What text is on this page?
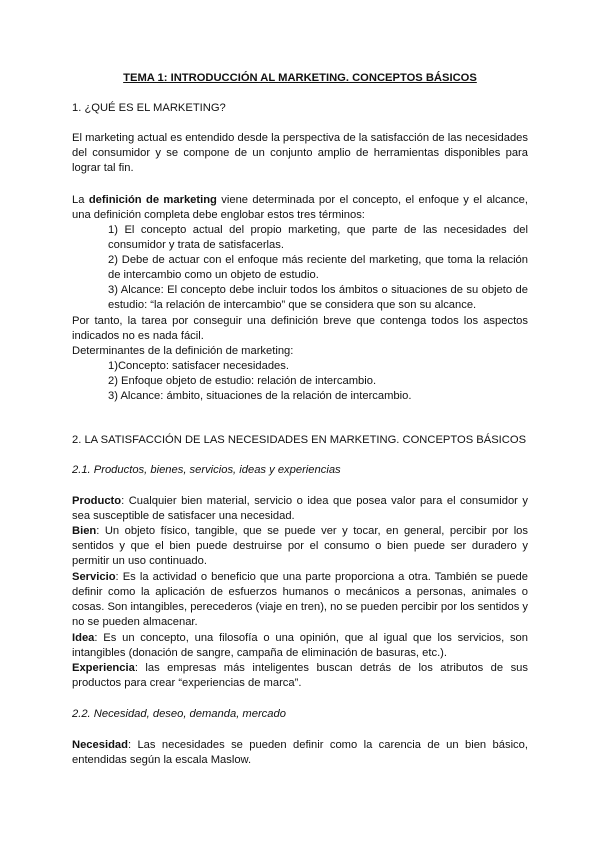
TEMA 1: INTRODUCCIÓN AL MARKETING. CONCEPTOS BÁSICOS

1. ¿QUÉ ES EL MARKETING?

El marketing actual es entendido desde la perspectiva de la satisfacción de las necesidades del consumidor y se compone de un conjunto amplio de herramientas disponibles para lograr tal fin.

La definición de marketing viene determinada por el concepto, el enfoque y el alcance, una definición completa debe englobar estos tres términos:

1) El concepto actual del propio marketing, que parte de las necesidades del consumidor y trata de satisfacerlas.

2) Debe de actuar con el enfoque más reciente del marketing, que toma la relación de intercambio como un objeto de estudio.

3) Alcance: El concepto debe incluir todos los ámbitos o situaciones de su objeto de estudio: “la relación de intercambio” que se considera que son su alcance.

Por tanto, la tarea por conseguir una definición breve que contenga todos los aspectos indicados no es nada fácil.

Determinantes de la definición de marketing:

1)Concepto: satisfacer necesidades.

2) Enfoque objeto de estudio: relación de intercambio.

3) Alcance: ámbito, situaciones de la relación de intercambio.

2. LA SATISFACCIÓN DE LAS NECESIDADES EN MARKETING. CONCEPTOS BÁSICOS

2.1. Productos, bienes, servicios, ideas y experiencias

Producto: Cualquier bien material, servicio o idea que posea valor para el consumidor y sea susceptible de satisfacer una necesidad.

Bien: Un objeto físico, tangible, que se puede ver y tocar, en general, percibir por los sentidos y que el bien puede destruirse por el consumo o bien puede ser duradero y permitir un uso continuado.

Servicio: Es la actividad o beneficio que una parte proporciona a otra. También se puede definir como la aplicación de esfuerzos humanos o mecánicos a personas, animales o cosas. Son intangibles, perecederos (viaje en tren), no se pueden percibir por los sentidos y no se pueden almacenar.

Idea: Es un concepto, una filosofía o una opinión, que al igual que los servicios, son intangibles (donación de sangre, campaña de eliminación de basuras, etc.).

Experiencia: las empresas más inteligentes buscan detrás de los atributos de sus productos para crear “experiencias de marca”.

2.2. Necesidad, deseo, demanda, mercado

Necesidad: Las necesidades se pueden definir como la carencia de un bien básico, entendidas según la escala Maslow.
